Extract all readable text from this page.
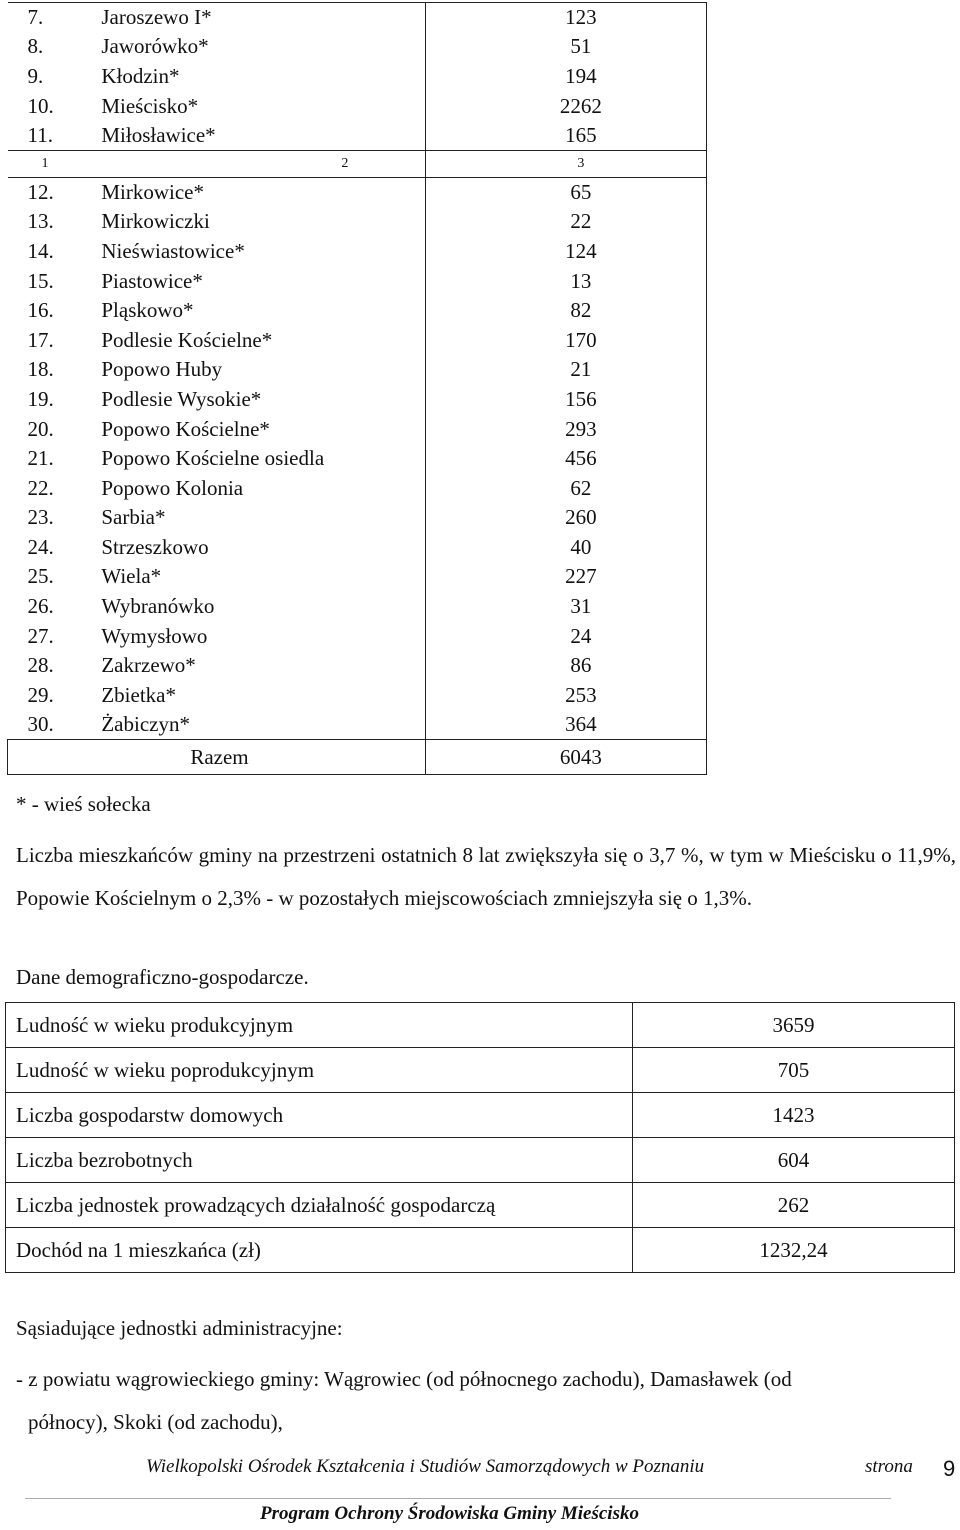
7.	Jaroszewo I*	123
8.	Jaworówko*	51
9.	Kłodzin*	194
10.	Mieścisko*	2262
11.	Miłosławice*	165
1	2	3
12.	Mirkowice*	65
13.	Mirkowiczki	22
14.	Nieświastowice*	124
15.	Piastowice*	13
16.	Pląskowo*	82
17.	Podlesie Kościelne*	170
18.	Popowo Huby	21
19.	Podlesie Wysokie*	156
20.	Popowo Kościelne*	293
21.	Popowo Kościelne osiedla	456
22.	Popowo Kolonia	62
23.	Sarbia*	260
24.	Strzeszkowo	40
25.	Wiela*	227
26.	Wybranówko	31
27.	Wymysłowo	24
28.	Zakrzewo*	86
29.	Zbietka*	253
30.	Żabiczyn*	364
Razem		6043
* - wieś sołecka

Liczba mieszkańców gminy na przestrzeni ostatnich 8 lat zwiększyła się o 3,7 %, w tym w Mieścisku o 11,9%, Popowie Kościelnym o 2,3% - w pozostałych miejscowościach zmniejszyła się o 1,3%.

Dane demograficzno-gospodarcze.
Ludność w wieku produkcyjnym	3659
Ludność w wieku poprodukcyjnym	705
Liczba gospodarstw domowych	1423
Liczba bezrobotnych	604
Liczba jednostek prowadzących działalność gospodarczą	262
Dochód na 1 mieszkańca (zł)	1232,24
Sąsiadujące jednostki administracyjne:
- z powiatu wągrowieckiego gminy: Wągrowiec (od północnego zachodu), Damasławek (od
północy), Skoki (od zachodu),
Wielkopolski Ośrodek Kształcenia i Studiów Samorządowych w Poznaniu	strona 9
Program Ochrony Środowiska Gminy Mieścisko
